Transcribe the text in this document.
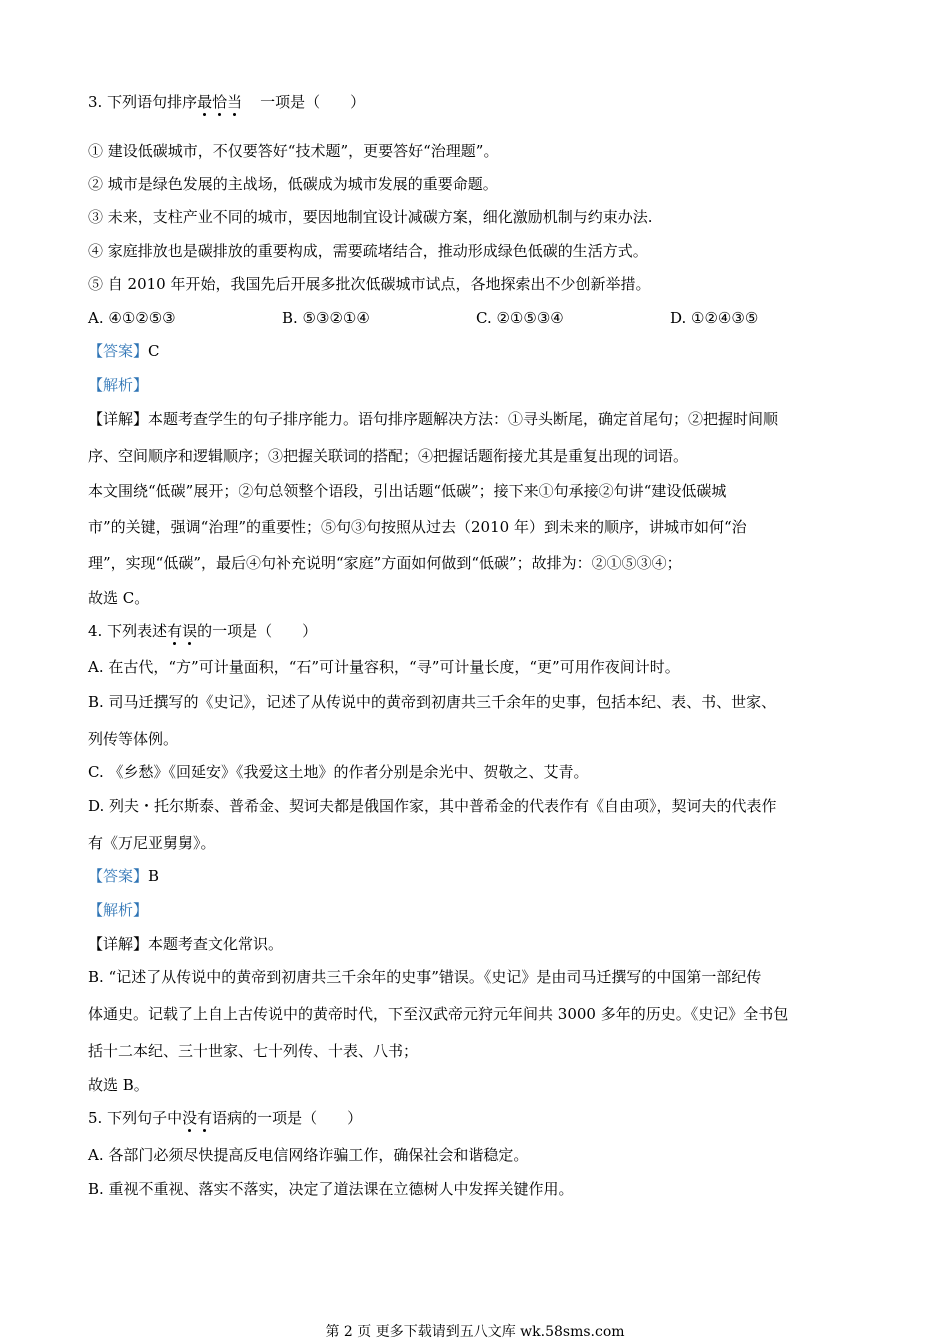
3. 下列语句排序最恰当 一项是（　　）
① 建设低碳城市，不仅要答好“技术题”，更要答好“治理题”。
② 城市是绿色发展的主战场，低碳成为城市发展的重要命题。
③ 未来，支柱产业不同的城市，要因地制宜设计减碳方案，细化激励机制与约束办法.
④ 家庭排放也是碳排放的重要构成，需要疏堵结合，推动形成绿色低碳的生活方式。
⑤ 自 2010 年开始，我国先后开展多批次低碳城市试点，各地探索出不少创新举措。
A. ④①②⑤③	B. ⑤③②①④	C. ②①⑤③④	D. ①②④③⑤
【答案】C
【解析】
【详解】本题考查学生的句子排序能力。语句排序题解决方法：①寻头断尾，确定首尾句；②把握时间顺
序、空间顺序和逻辑顺序；③把握关联词的搭配；④把握话题衔接尤其是重复出现的词语。
本文围绕“低碳”展开；②句总领整个语段，引出话题“低碳”；接下来①句承接②句讲“建设低碳城
市”的关键，强调“治理”的重要性；⑤句③句按照从过去（2010 年）到未来的顺序，讲城市如何“治
理”，实现“低碳”，最后④句补充说明“家庭”方面如何做到“低碳”；故排为：②①⑤③④；
故选 C。
4. 下列表述有误的一项是（　　）
A. 在古代，“方”可计量面积，“石”可计量容积，“寻”可计量长度，“更”可用作夜间计时。
B. 司马迁撰写的《史记》，记述了从传说中的黄帝到初唐共三千余年的史事，包括本纪、表、书、世家、
列传等体例。
C. 《乡愁》《回延安》《我爱这土地》的作者分别是余光中、贺敬之、艾青。
D. 列夫・托尔斯泰、普希金、契诃夫都是俄国作家，其中普希金的代表作有《自由项》，契诃夫的代表作
有《万尼亚舅舅》。
【答案】B
【解析】
【详解】本题考查文化常识。
B. “记述了从传说中的黄帝到初唐共三千余年的史事”错误。《史记》是由司马迁撰写的中国第一部纪传
体通史。记载了上自上古传说中的黄帝时代，下至汉武帝元狩元年间共 3000 多年的历史。《史记》全书包
括十二本纪、三十世家、七十列传、十表、八书；
故选 B。
5. 下列句子中没有语病的一项是（　　）
A. 各部门必须尽快提高反电信网络诈骗工作，确保社会和谐稳定。
B. 重视不重视、落实不落实，决定了道法课在立德树人中发挥关键作用。
第 2 页 更多下载请到五八文库 wk.58sms.com
